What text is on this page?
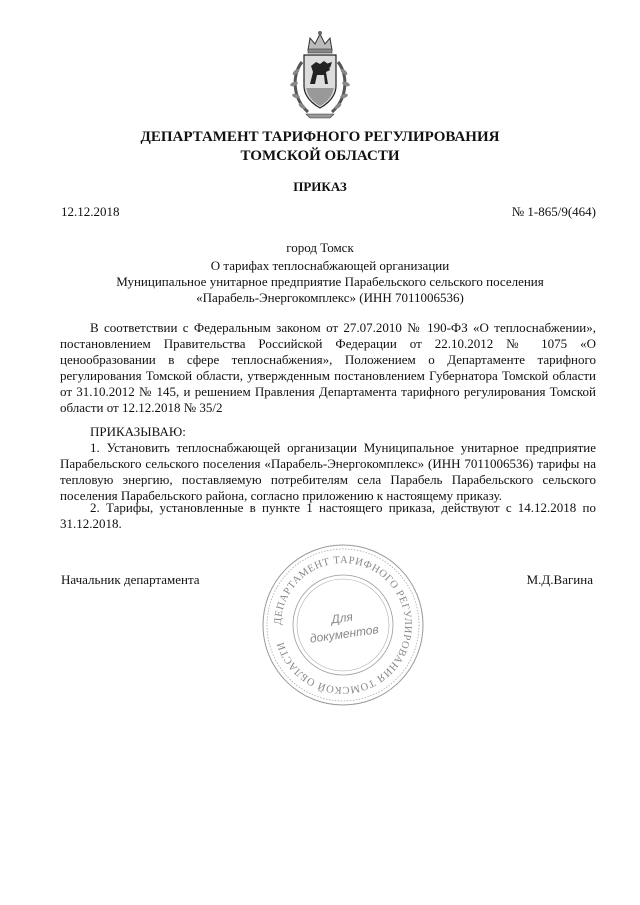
ДЕПАРТАМЕНТ ТАРИФНОГО РЕГУЛИРОВАНИЯ
ТОМСКОЙ ОБЛАСТИ
ПРИКАЗ
12.12.2018	№ 1-865/9(464)
город Томск
О тарифах теплоснабжающей организации
Муниципальное унитарное предприятие Парабельского сельского поселения
«Парабель-Энергокомплекс» (ИНН 7011006536)
В соответствии с Федеральным законом от 27.07.2010 № 190-ФЗ «О теплоснабжении», постановлением Правительства Российской Федерации от 22.10.2012 № 1075 «О ценообразовании в сфере теплоснабжения», Положением о Департаменте тарифного регулирования Томской области, утвержденным постановлением Губернатора Томской области от 31.10.2012 № 145, и решением Правления Департамента тарифного регулирования Томской области от 12.12.2018 № 35/2
ПРИКАЗЫВАЮ:
1. Установить теплоснабжающей организации Муниципальное унитарное предприятие Парабельского сельского поселения «Парабель-Энергокомплекс» (ИНН 7011006536) тарифы на тепловую энергию, поставляемую потребителям села Парабель Парабельского сельского поселения Парабельского района, согласно приложению к настоящему приказу.
2. Тарифы, установленные в пункте 1 настоящего приказа, действуют с 14.12.2018 по 31.12.2018.
Начальник департамента	М.Д.Вагина
ДЕПАРТАМЕНТ ТАРИФНОГО РЕГУЛИРОВАНИЯ ТОМСКОЙ ОБЛАСТИ
Для
документов
